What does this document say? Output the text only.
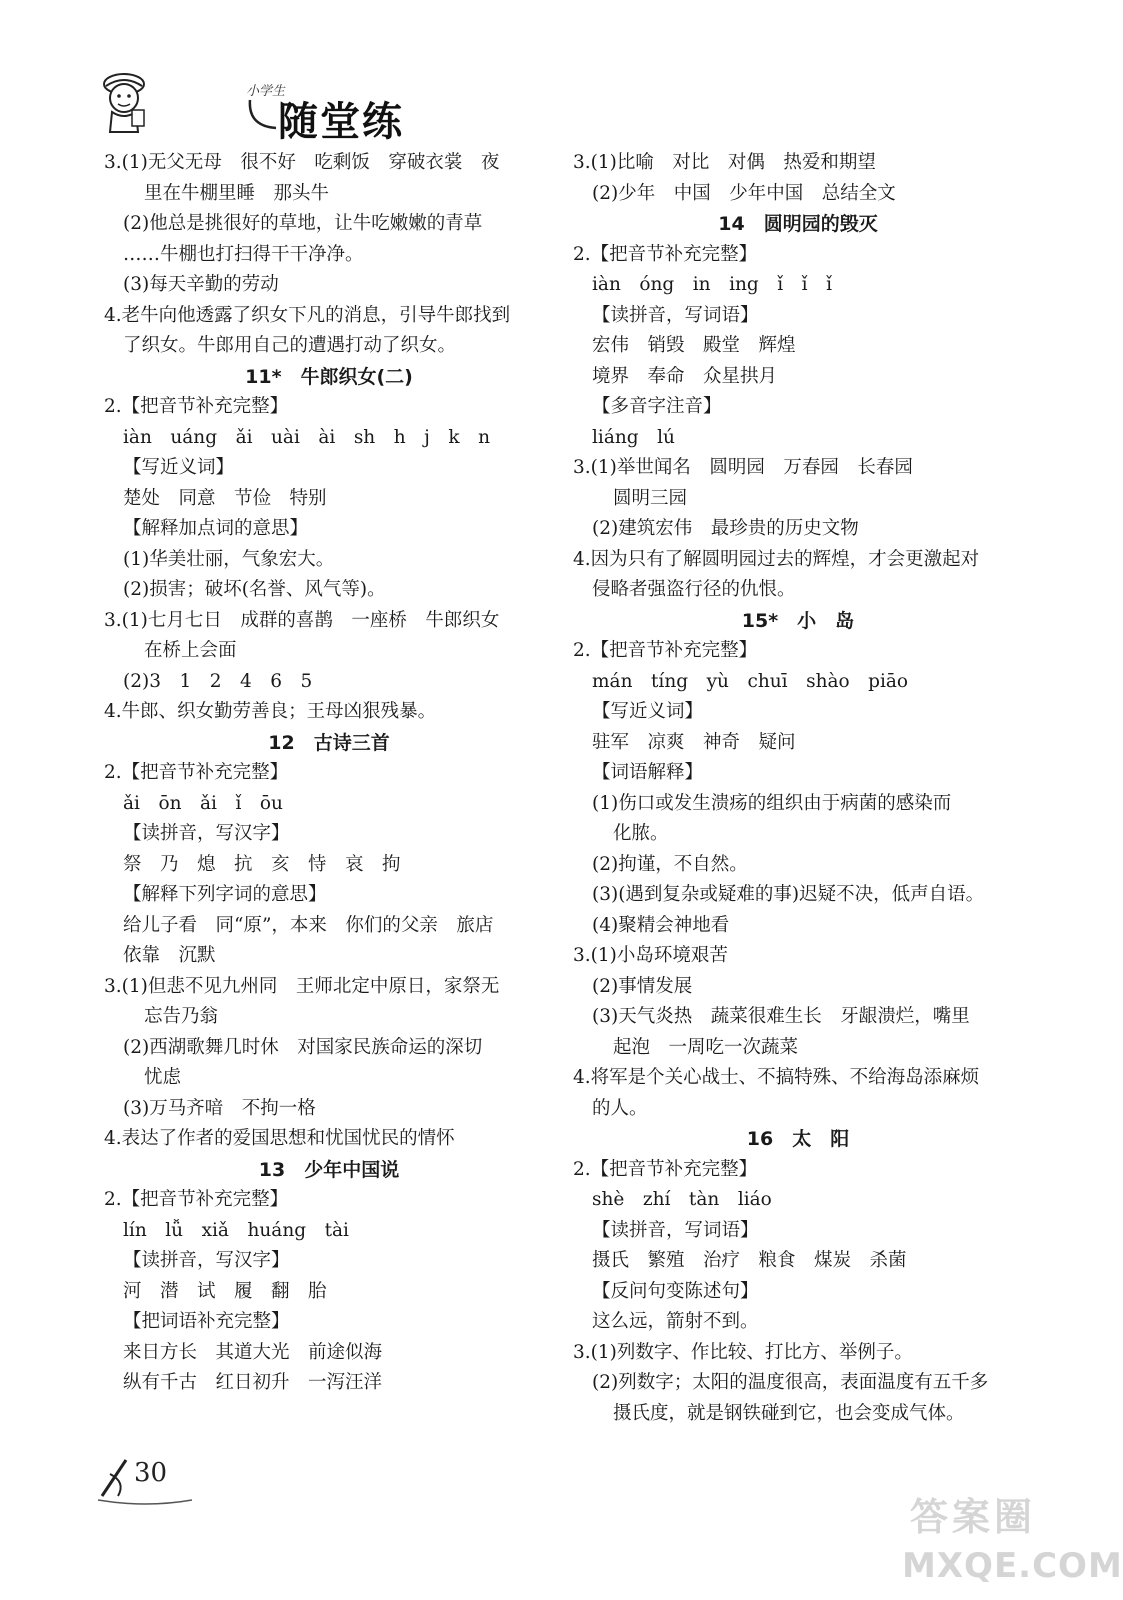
小学生
随堂练
3.(1)无父无母　很不好　吃剩饭　穿破衣裳　夜
里在牛棚里睡　那头牛
(2)他总是挑很好的草地，让牛吃嫩嫩的青草
……牛棚也打扫得干干净净。
(3)每天辛勤的劳动
4.老牛向他透露了织女下凡的消息，引导牛郎找到
了织女。牛郎用自己的遭遇打动了织女。
11*　牛郎织女(二)
2.【把音节补充完整】
iàn　uáng　ǎi　uài　ài　sh　h　j　k　n
【写近义词】
楚处　同意　节俭　特别
【解释加点词的意思】
(1)华美壮丽，气象宏大。
(2)损害；破坏(名誉、风气等)。
3.(1)七月七日　成群的喜鹊　一座桥　牛郎织女
在桥上会面
(2)3　1　2　4　6　5
4.牛郎、织女勤劳善良；王母凶狠残暴。
12　古诗三首
2.【把音节补充完整】
ǎi　ōn　ǎi　ǐ　ōu
【读拼音，写汉字】
祭　乃　熄　抗　亥　恃　哀　拘
【解释下列字词的意思】
给儿子看　同“原”，本来　你们的父亲　旅店
依靠　沉默
3.(1)但悲不见九州同　王师北定中原日，家祭无
忘告乃翁
(2)西湖歌舞几时休　对国家民族命运的深切
忧虑
(3)万马齐喑　不拘一格
4.表达了作者的爱国思想和忧国忧民的情怀
13　少年中国说
2.【把音节补充完整】
lín　lǚ　xiǎ　huáng　tài
【读拼音，写汉字】
河　潜　试　履　翻　胎
【把词语补充完整】
来日方长　其道大光　前途似海
纵有千古　红日初升　一泻汪洋
3.(1)比喻　对比　对偶　热爱和期望
(2)少年　中国　少年中国　总结全文
14　圆明园的毁灭
2.【把音节补充完整】
iàn　óng　in　ing　ǐ　ǐ　ǐ
【读拼音，写词语】
宏伟　销毁　殿堂　辉煌
境界　奉命　众星拱月
【多音字注音】
liáng　lú
3.(1)举世闻名　圆明园　万春园　长春园
圆明三园
(2)建筑宏伟　最珍贵的历史文物
4.因为只有了解圆明园过去的辉煌，才会更激起对
侵略者强盗行径的仇恨。
15*　小　岛
2.【把音节补充完整】
mán　tíng　yù　chuī　shào　piāo
【写近义词】
驻军　凉爽　神奇　疑问
【词语解释】
(1)伤口或发生溃疡的组织由于病菌的感染而
化脓。
(2)拘谨，不自然。
(3)(遇到复杂或疑难的事)迟疑不决，低声自语。
(4)聚精会神地看
3.(1)小岛环境艰苦
(2)事情发展
(3)天气炎热　蔬菜很难生长　牙龈溃烂，嘴里
起泡　一周吃一次蔬菜
4.将军是个关心战士、不搞特殊、不给海岛添麻烦
的人。
16　太　阳
2.【把音节补充完整】
shè　zhí　tàn　liáo
【读拼音，写词语】
摄氏　繁殖　治疗　粮食　煤炭　杀菌
【反问句变陈述句】
这么远，箭射不到。
3.(1)列数字、作比较、打比方、举例子。
(2)列数字；太阳的温度很高，表面温度有五千多
摄氏度，就是钢铁碰到它，也会变成气体。
30
答案圈
MXQE.COM
